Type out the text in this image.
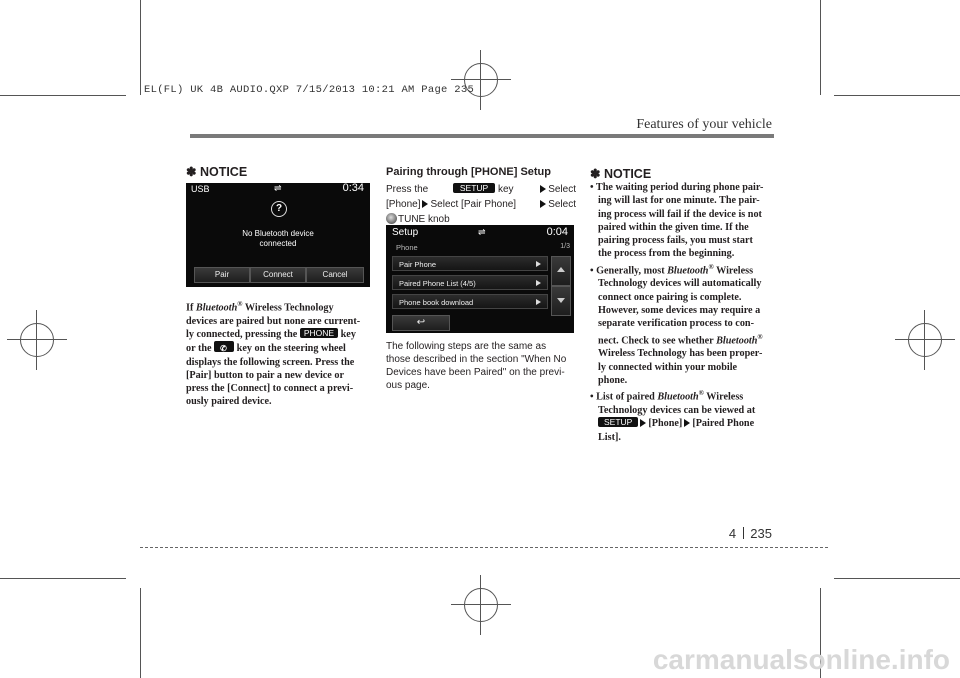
EL(FL) UK 4B AUDIO.QXP 7/15/2013 10:21 AM Page 235
Features of your vehicle
✽ NOTICE
USB	⇌	0:34
?
No Bluetooth device
connected
Pair	Connect	Cancel
If Bluetooth® Wireless Technology
devices are paired but none are current-
ly connected, pressing the PHONE key
or the ✆ key on the steering wheel
displays the following screen. Press the
[Pair] button to pair a new device or
press the [Connect] to connect a previ-
ously paired device.
Pairing through [PHONE] Setup
Press the	SETUP key	Select
[Phone] Select [Pair Phone]	Select
TUNE knob
Setup	⇌	0:04
Phone	1/3
Pair Phone
Paired Phone List (4/5)
Phone book download
↩
The following steps are the same as
those described in the section "When No
Devices have been Paired" on the previ-
ous page.
✽ NOTICE
• The waiting period during phone pair-
ing will last for one minute. The pair-
ing process will fail if the device is not
paired within the given time. If the
pairing process fails, you must start
the process from the beginning.
• Generally, most Bluetooth® Wireless
Technology devices will automatically
connect once pairing is complete.
However, some devices may require a
separate verification process to con-
nect. Check to see whether Bluetooth®
Wireless Technology has been proper-
ly connected within your mobile
phone.
• List of paired Bluetooth® Wireless
Technology devices can be viewed at
SETUP [Phone] [Paired Phone
List].
4 235
carmanualsonline.info
